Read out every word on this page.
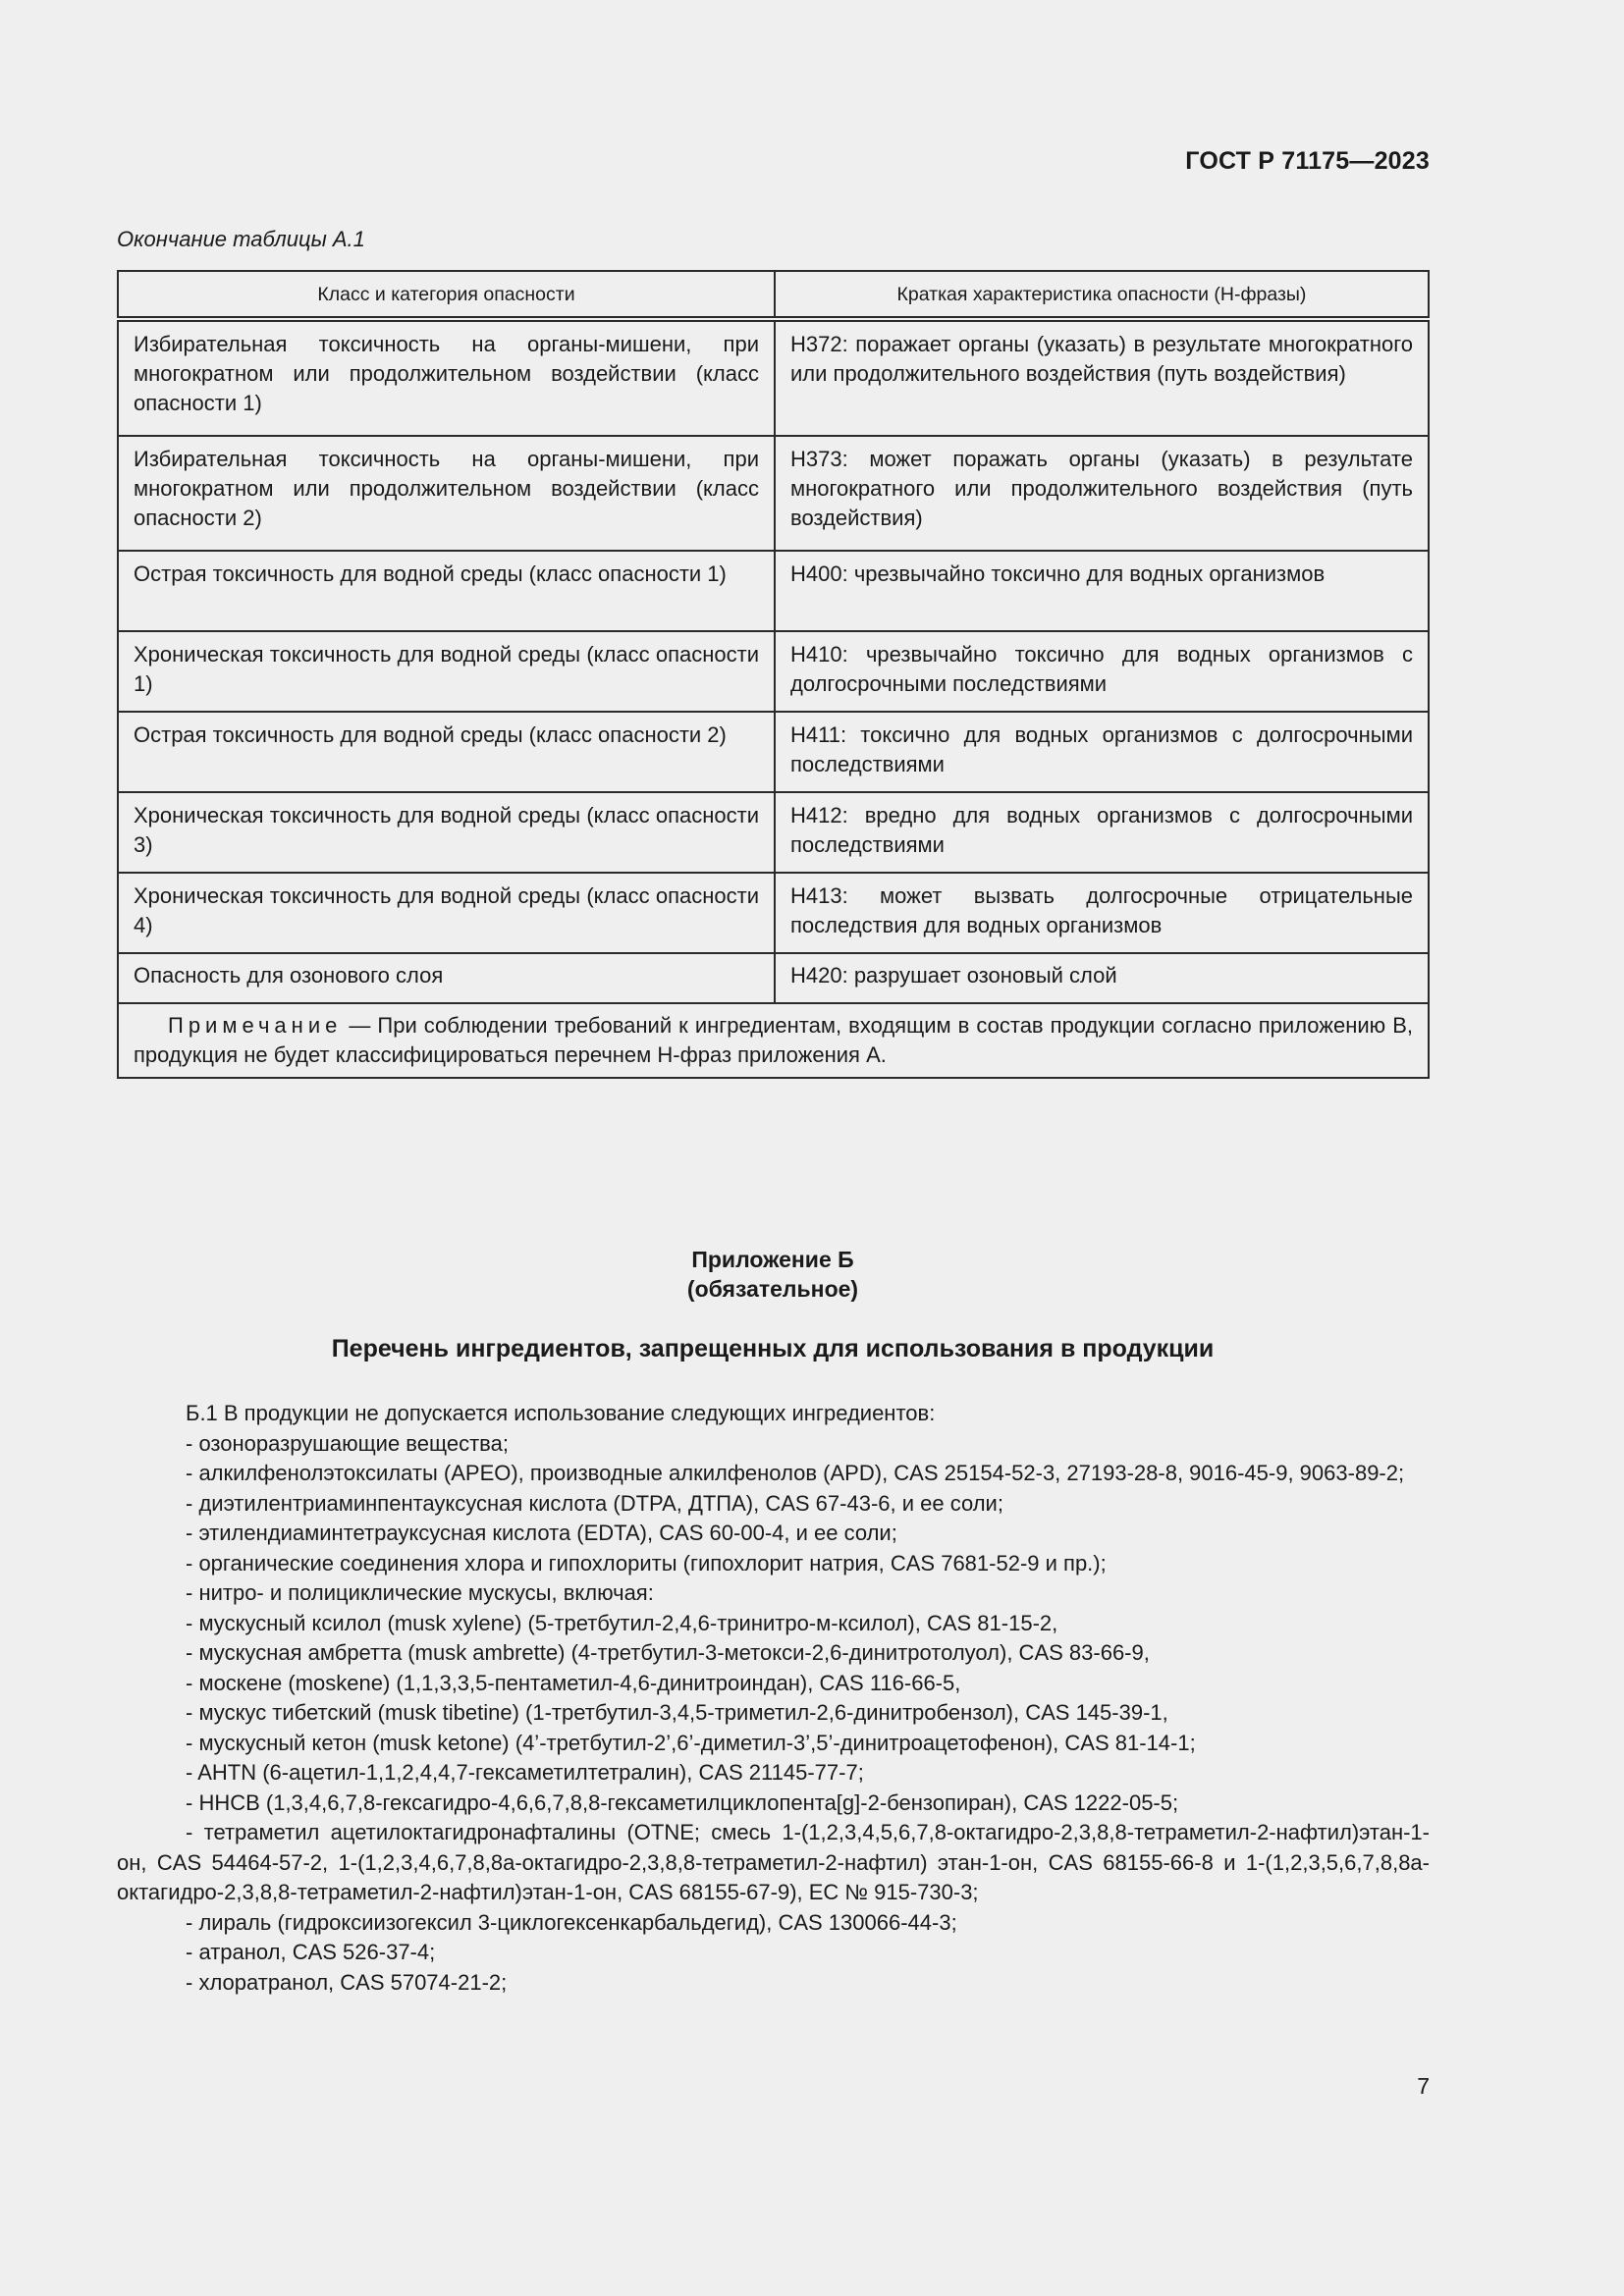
ГОСТ Р 71175—2023
Окончание таблицы А.1
Класс и категория опасности	Краткая характеристика опасности (Н-фразы)
Избирательная токсичность на органы-мишени, при многократном или продолжительном воздействии (класс опасности 1)	Н372: поражает органы (указать) в результате многократного или продолжительного воздействия (путь воздействия)
Избирательная токсичность на органы-мишени, при многократном или продолжительном воздействии (класс опасности 2)	Н373: может поражать органы (указать) в результате многократного или продолжительного воздействия (путь воздействия)
Острая токсичность для водной среды (класс опасности 1)	Н400: чрезвычайно токсично для водных организмов
Хроническая токсичность для водной среды (класс опасности 1)	Н410: чрезвычайно токсично для водных организмов с долгосрочными последствиями
Острая токсичность для водной среды (класс опасности 2)	Н411: токсично для водных организмов с долгосрочными последствиями
Хроническая токсичность для водной среды (класс опасности 3)	Н412: вредно для водных организмов с долгосрочными последствиями
Хроническая токсичность для водной среды (класс опасности 4)	Н413: может вызвать долгосрочные отрицательные последствия для водных организмов
Опасность для озонового слоя	Н420: разрушает озоновый слой
Примечание — При соблюдении требований к ингредиентам, входящим в состав продукции согласно приложению В, продукция не будет классифицироваться перечнем Н-фраз приложения А.	
Приложение Б
(обязательное)
Перечень ингредиентов, запрещенных для использования в продукции

Б.1 В продукции не допускается использование следующих ингредиентов:

- озоноразрушающие вещества;

- алкилфенолэтоксилаты (APEO), производные алкилфенолов (APD), CAS 25154-52-3, 27193-28-8, 9016-45-9, 9063-89-2;

- диэтилентриаминпентауксусная кислота (DTPA, ДТПА), CAS 67-43-6, и ее соли;

- этилендиаминтетрауксусная кислота (EDTA), CAS 60-00-4, и ее соли;

- органические соединения хлора и гипохлориты (гипохлорит натрия, CAS 7681-52-9 и пр.);

- нитро- и полициклические мускусы, включая:

- мускусный ксилол (musk xylene) (5-третбутил-2,4,6-тринитро-м-ксилол), CAS 81-15-2,

- мускусная амбретта (musk ambrette) (4-третбутил-3-метокси-2,6-динитротолуол), CAS 83-66-9,

- москене (moskene) (1,1,3,3,5-пентаметил-4,6-динитроиндан), CAS 116-66-5,

- мускус тибетский (musk tibetine) (1-третбутил-3,4,5-триметил-2,6-динитробензол), CAS 145-39-1,

- мускусный кетон (musk ketone) (4’-третбутил-2’,6’-диметил-3’,5’-динитроацетофенон), CAS 81-14-1;

- AHTN (6-ацетил-1,1,2,4,4,7-гексаметилтетралин), CAS 21145-77-7;

- HHCB (1,3,4,6,7,8-гексагидро-4,6,6,7,8,8-гексаметилциклопента[g]-2-бензопиран), CAS 1222-05-5;

- тетраметил ацетилоктагидронафталины (OTNE; смесь 1-(1,2,3,4,5,6,7,8-октагидро-2,3,8,8-тетраметил-2-нафтил)этан-1-он, CAS 54464-57-2, 1-(1,2,3,4,6,7,8,8а-октагидро-2,3,8,8-тетраметил-2-нафтил) этан-1-он, CAS 68155-66-8 и 1-(1,2,3,5,6,7,8,8а-октагидро-2,3,8,8-тетраметил-2-нафтил)этан-1-он, CAS 68155-67-9), EC № 915-730-3;

- лираль (гидроксиизогексил 3-циклогексенкарбальдегид), CAS 130066-44-3;

- атранол, CAS 526-37-4;

- хлоратранол, CAS 57074-21-2;

7
